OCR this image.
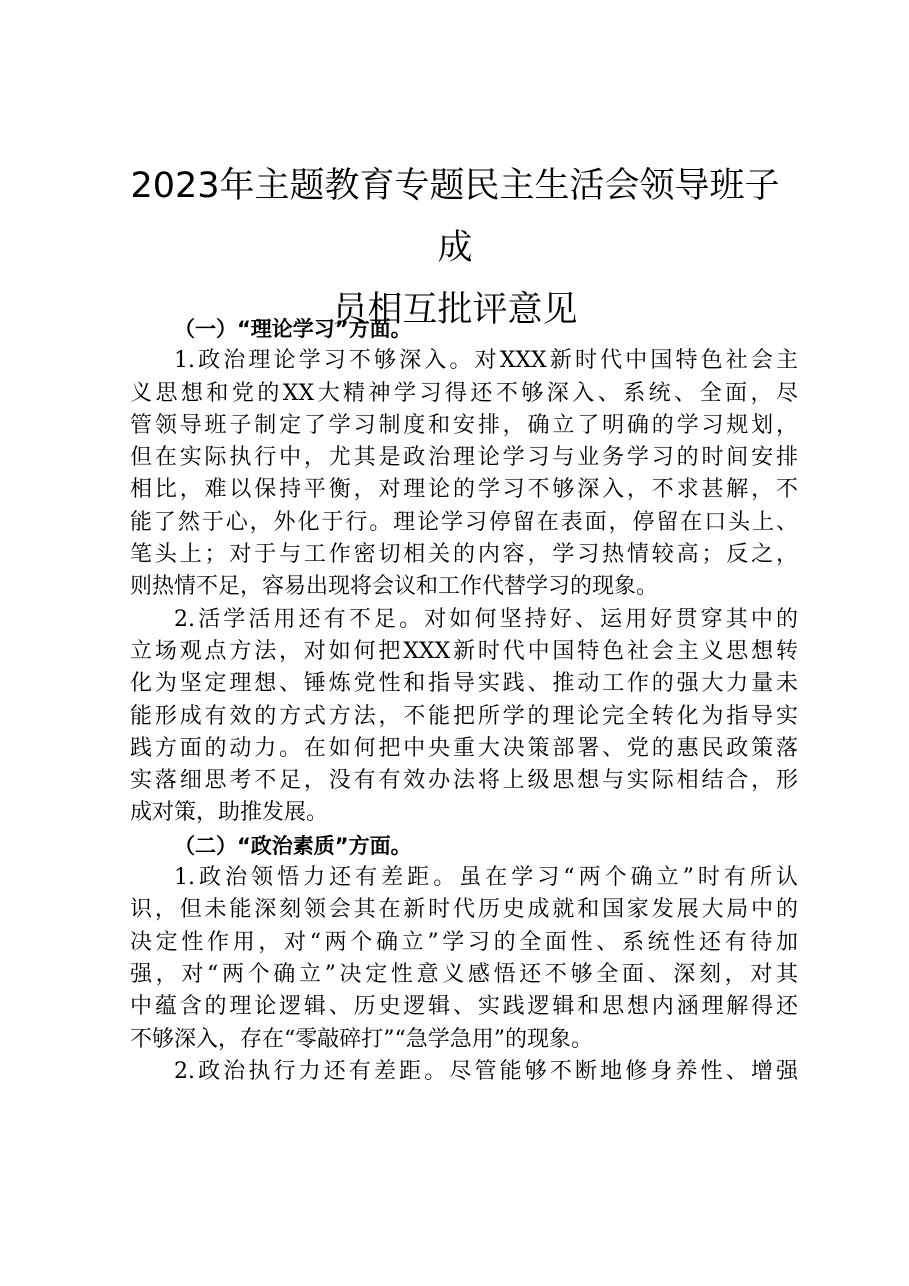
2023年主题教育专题民主生活会领导班子成
员相互批评意见
（一）“理论学习”方面。
1.政治理论学习不够深入。对XXX新时代中国特色社会主
义思想和党的XX大精神学习得还不够深入、系统、全面，尽
管领导班子制定了学习制度和安排，确立了明确的学习规划，
但在实际执行中，尤其是政治理论学习与业务学习的时间安排
相比，难以保持平衡，对理论的学习不够深入，不求甚解，不
能了然于心，外化于行。理论学习停留在表面，停留在口头上、
笔头上；对于与工作密切相关的内容，学习热情较高；反之，
则热情不足，容易出现将会议和工作代替学习的现象。
2.活学活用还有不足。对如何坚持好、运用好贯穿其中的
立场观点方法，对如何把XXX新时代中国特色社会主义思想转
化为坚定理想、锤炼党性和指导实践、推动工作的强大力量未
能形成有效的方式方法，不能把所学的理论完全转化为指导实
践方面的动力。在如何把中央重大决策部署、党的惠民政策落
实落细思考不足，没有有效办法将上级思想与实际相结合，形
成对策，助推发展。
（二）“政治素质”方面。
1.政治领悟力还有差距。虽在学习“两个确立”时有所认
识，但未能深刻领会其在新时代历史成就和国家发展大局中的
决定性作用，对“两个确立”学习的全面性、系统性还有待加
强，对“两个确立”决定性意义感悟还不够全面、深刻，对其
中蕴含的理论逻辑、历史逻辑、实践逻辑和思想内涵理解得还
不够深入，存在“零敲碎打”“急学急用”的现象。
2.政治执行力还有差距。尽管能够不断地修身养性、增强
